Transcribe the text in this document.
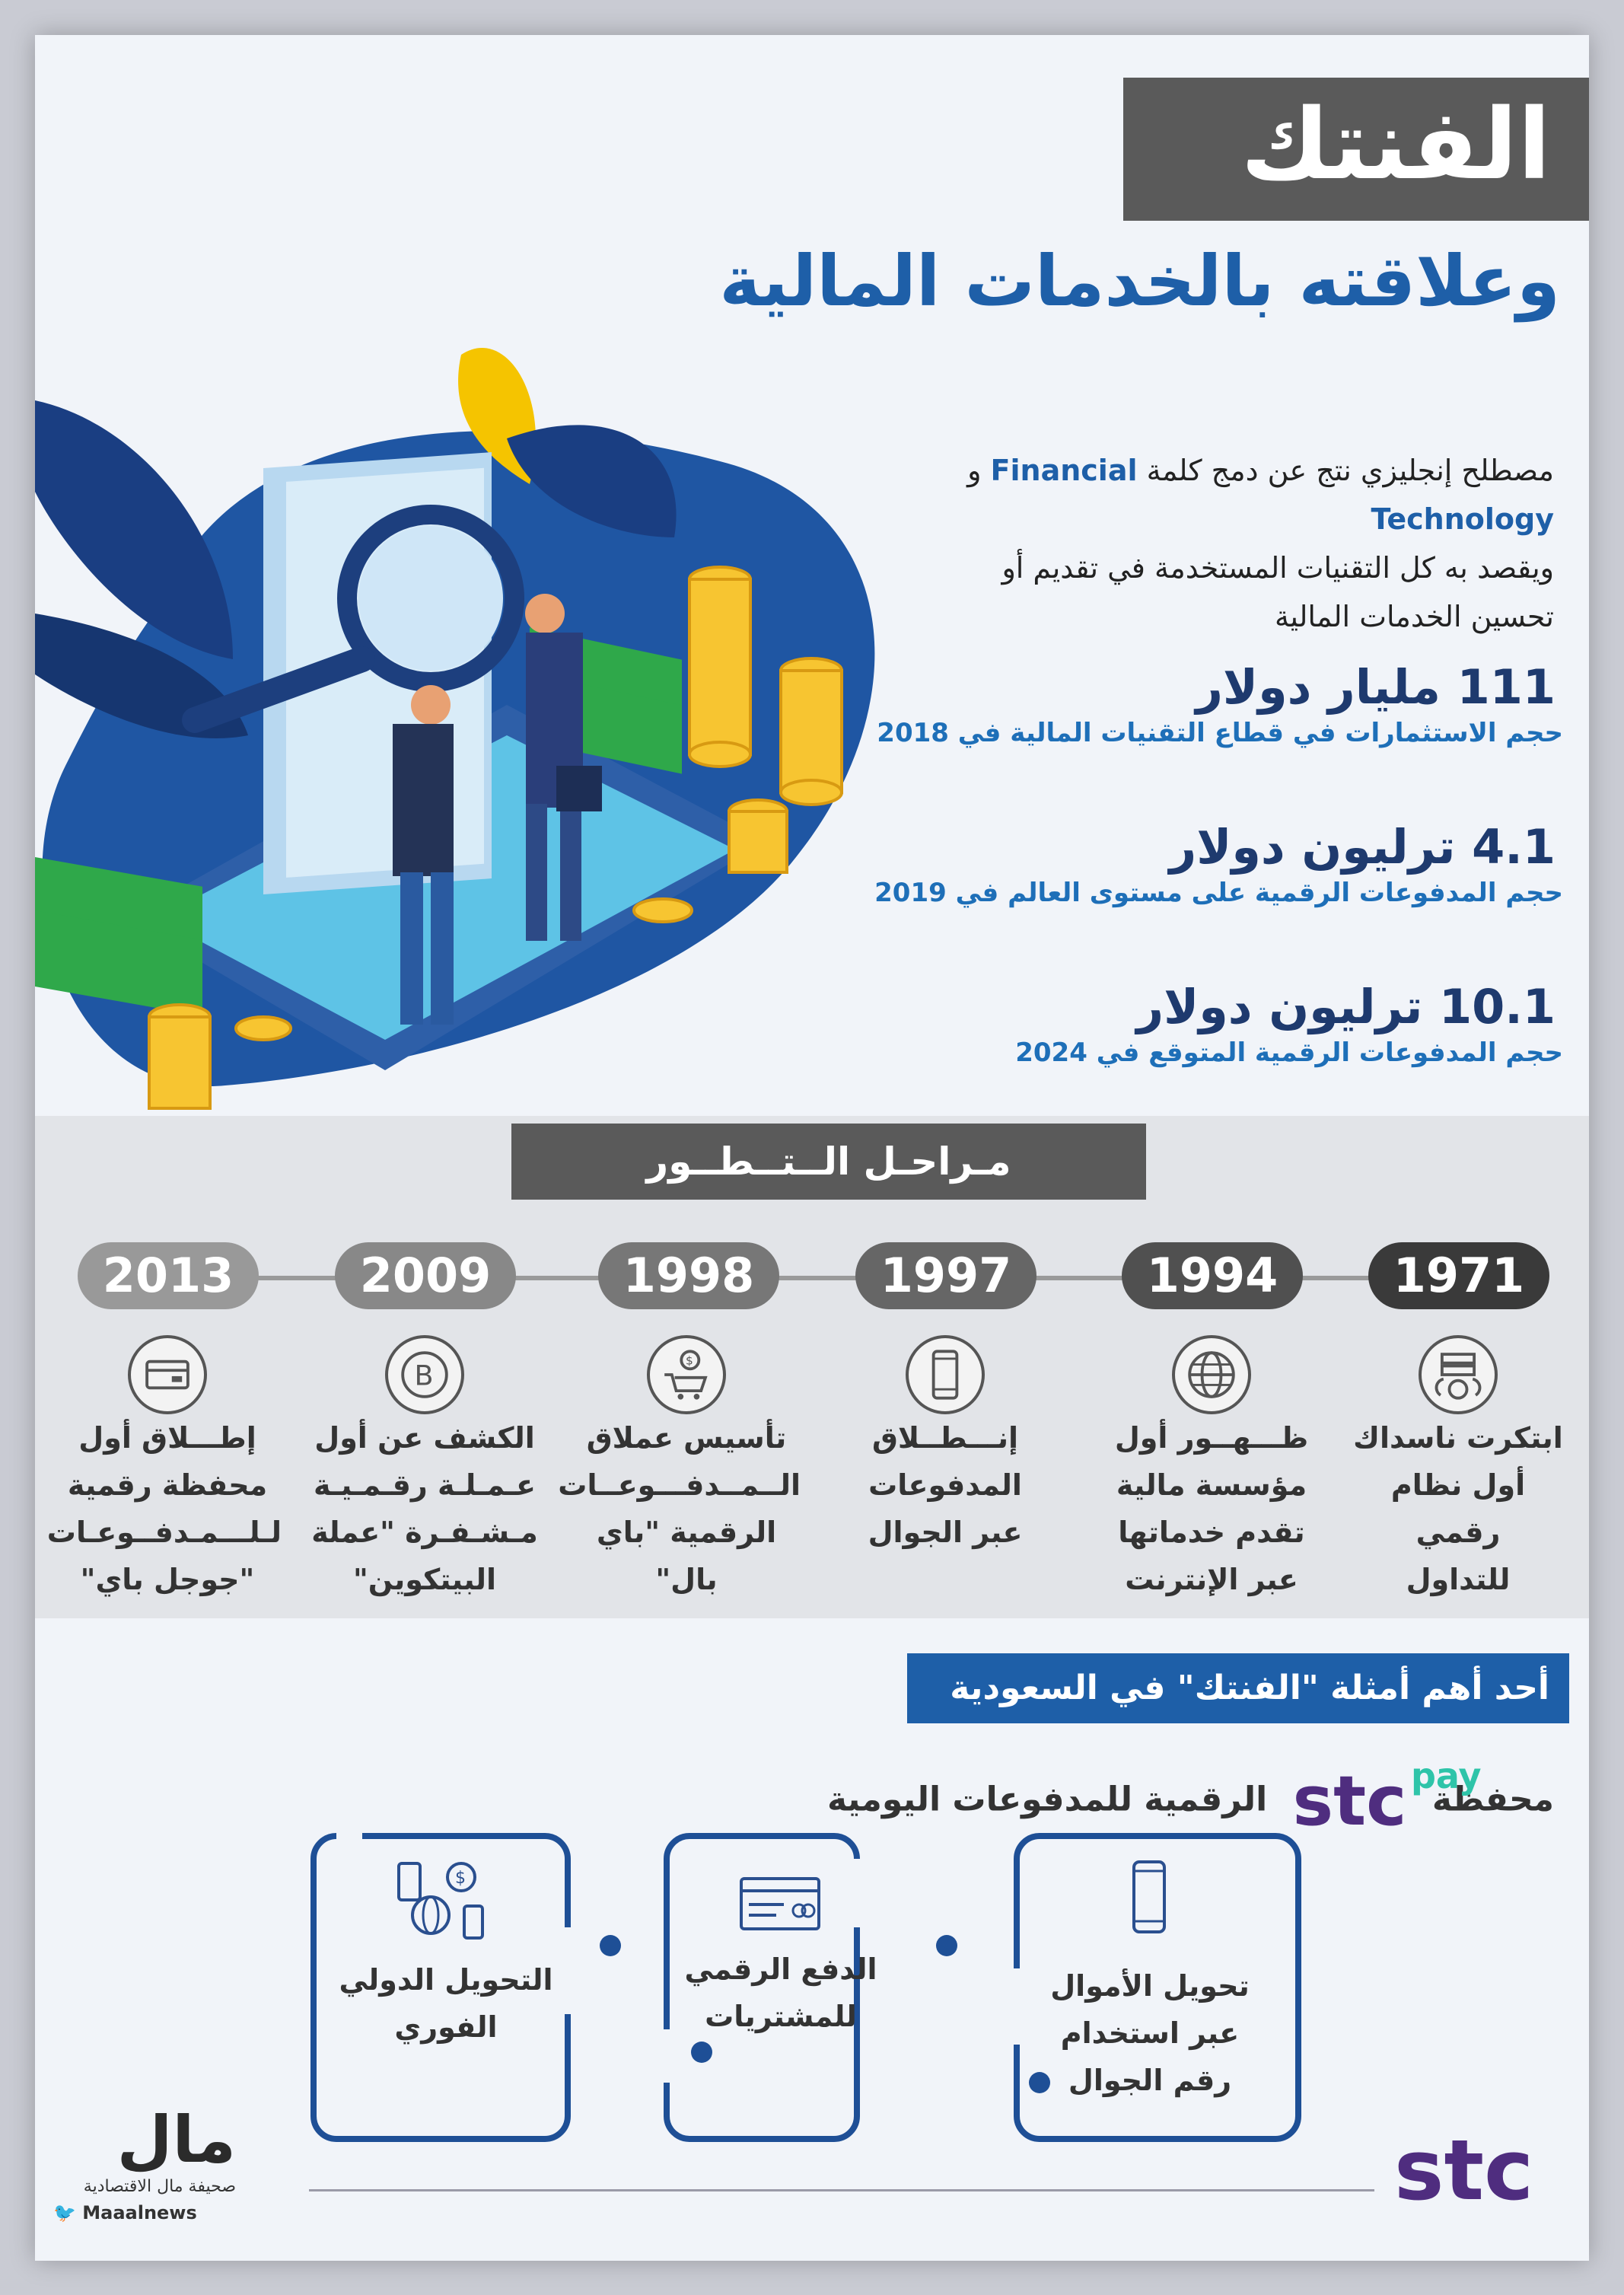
الفنتك
وعلاقته بالخدمات المالية
مصطلح إنجليزي نتج عن دمج كلمة Financial و Technology
ويقصد به كل التقنيات المستخدمة في تقديم أو
تحسين الخدمات المالية
111 مليار دولار
حجم الاستثمارات في قطاع التقنيات المالية في 2018
4.1 ترليون دولار
حجم المدفوعات الرقمية على مستوى العالم في 2019
10.1 ترليون دولار
حجم المدفوعات الرقمية المتوقع في 2024
مـراحـل الــتــطــور
1971
ابتكرت ناسداك
أول نظام رقمي
للتداول
1994
ظـــهــور أول
مؤسسة مالية
تقدم خدماتها
عبر الإنترنت
1997
إنـــطــلاق
المدفوعات
عبر الجوال
1998
$
تأسيس عملاق
الــمــدفـــوعــات
الرقمية "باي بال"
2009
B
الكشف عن أول
عـمـلـة رقـمـيـة
مـشـفـرة "عملة
البيتكوين"
2013
إطـــلاق أول
محفظة رقمية
لـلـــمـدفــوعـات
"جوجل باي"
أحد أهم أمثلة "الفنتك" في السعودية
محفظة stc pay
الرقمية للمدفوعات اليومية
$
تحويل الأموال
عبر استخدام
رقم الجوال
الدفع الرقمي
للمشتريات
التحويل الدولي
الفوري
مال
صحيفة مال الاقتصادية
🐦 Maaalnews	stc
